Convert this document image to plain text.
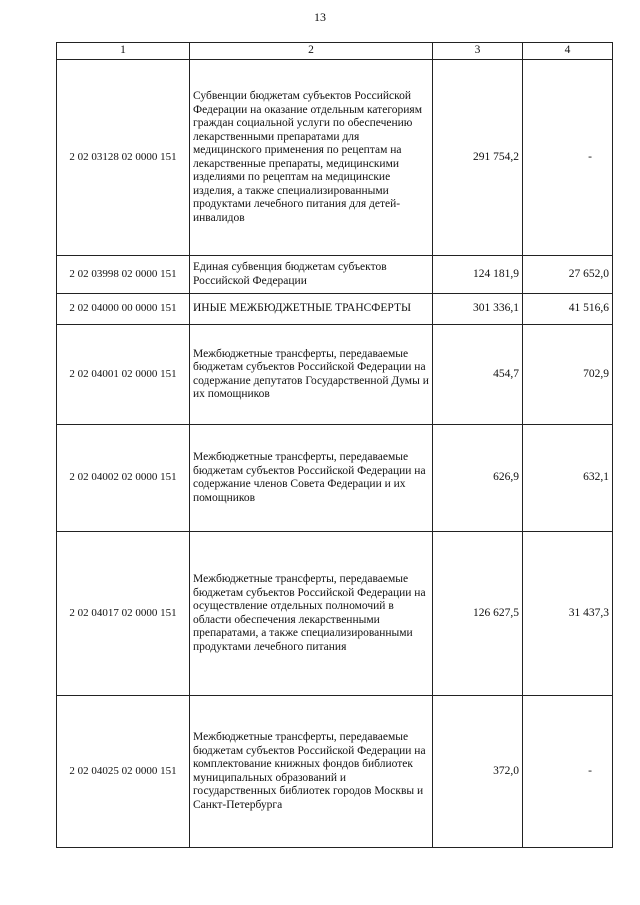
13
1	2	3	4
2 02 03128 02 0000 151	Субвенции бюджетам субъектов Российской Федерации на оказание отдельным категориям граждан социальной услуги по обеспечению лекарственными препаратами для медицинского применения по рецептам на лекарственные препараты, медицинскими изделиями по рецептам на медицинские изделия, а также специализированными продуктами лечебного питания для детей-инвалидов	291 754,2	-
2 02 03998 02 0000 151	Единая субвенция бюджетам субъектов Российской Федерации	124 181,9	27 652,0
2 02 04000 00 0000 151	ИНЫЕ МЕЖБЮДЖЕТНЫЕ ТРАНСФЕРТЫ	301 336,1	41 516,6
2 02 04001 02 0000 151	Межбюджетные трансферты, передаваемые бюджетам субъектов Российской Федерации на содержание депутатов Государственной Думы и их помощников	454,7	702,9
2 02 04002 02 0000 151	Межбюджетные трансферты, передаваемые бюджетам субъектов Российской Федерации на содержание членов Совета Федерации и их помощников	626,9	632,1
2 02 04017 02 0000 151	Межбюджетные трансферты, передаваемые бюджетам субъектов Российской Федерации на осуществление отдельных полномочий в области обеспечения лекарственными препаратами, а также специализированными продуктами лечебного питания	126 627,5	31 437,3
2 02 04025 02 0000 151	Межбюджетные трансферты, передаваемые бюджетам субъектов Российской Федерации на комплектование книжных фондов библиотек муниципальных образований и государственных библиотек городов Москвы и Санкт-Петербурга	372,0	-
